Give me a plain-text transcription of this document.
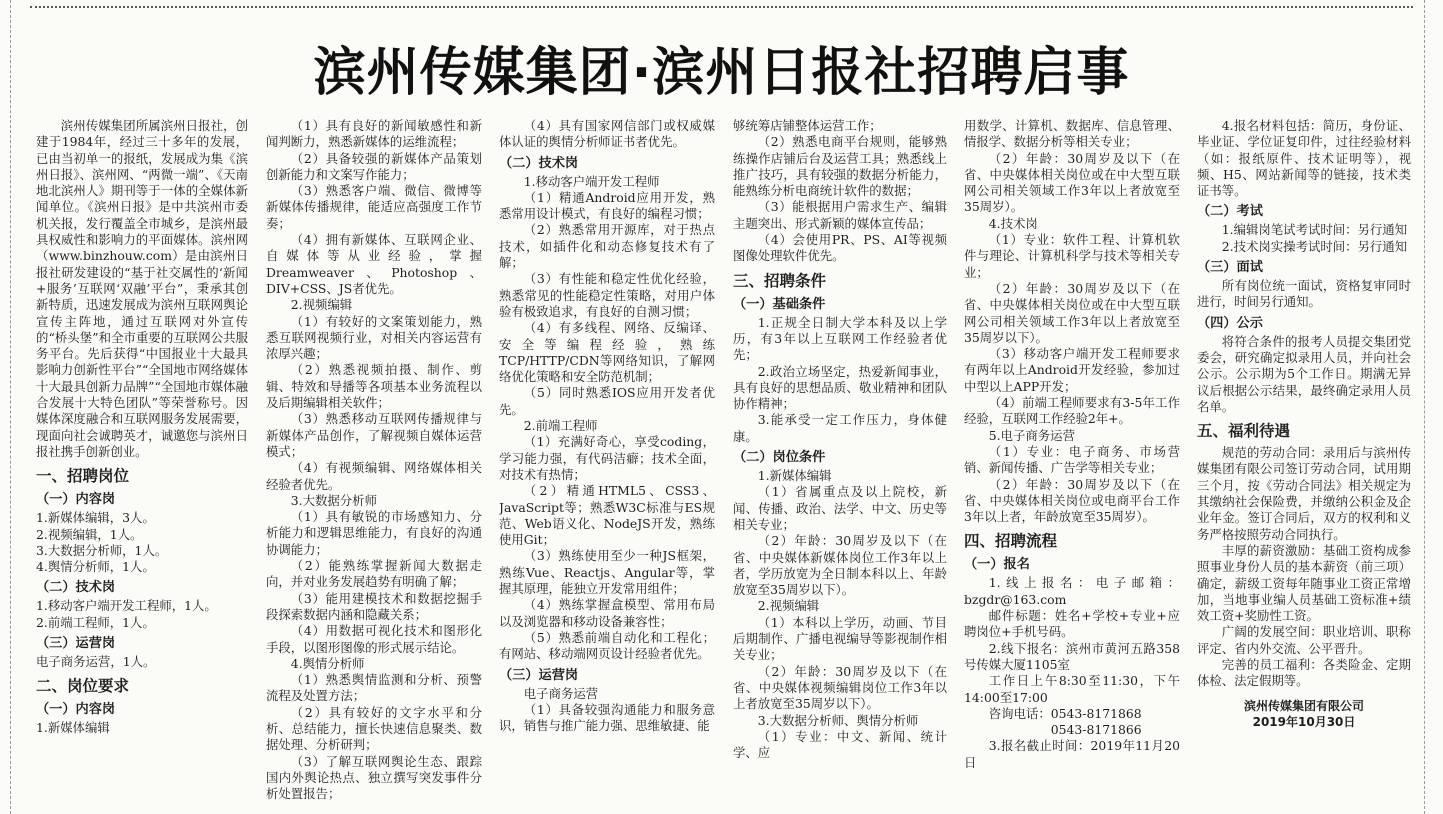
滨州传媒集团·滨州日报社招聘启事

滨州传媒集团所属滨州日报社，创建于1984年，经过三十多年的发展，已由当初单一的报纸，发展成为集《滨州日报》、滨州网、“两微一端”、《天南地北滨州人》期刊等于一体的全媒体新闻单位。《滨州日报》是中共滨州市委机关报，发行覆盖全市城乡，是滨州最具权威性和影响力的平面媒体。滨州网（www.binzhouw.com）是由滨州日报社研发建设的“基于社交属性的‘新闻+服务’互联网‘双融’平台”，秉承其创新特质，迅速发展成为滨州互联网舆论宣传主阵地，通过互联网对外宣传的“桥头堡”和全市重要的互联网公共服务平台。先后获得“中国报业十大最具影响力创新性平台”“全国地市网络媒体十大最具创新力品牌”“全国地市媒体融合发展十大特色团队”等荣誉称号。因媒体深度融合和互联网服务发展需要，现面向社会诚聘英才，诚邀您与滨州日报社携手创新创业。

一、招聘岗位
（一）内容岗

1.新媒体编辑，3人。

2.视频编辑，1人。

3.大数据分析师，1人。

4.舆情分析师，1人。

（二）技术岗

1.移动客户端开发工程师，1人。

2.前端工程师，1人。

（三）运营岗

电子商务运营，1人。

二、岗位要求
（一）内容岗

1.新媒体编辑

（1）具有良好的新闻敏感性和新闻判断力，熟悉新媒体的运维流程；

（2）具备较强的新媒体产品策划创新能力和文案写作能力；

（3）熟悉客户端、微信、微博等新媒体传播规律，能适应高强度工作节奏；

（4）拥有新媒体、互联网企业、自媒体等从业经验，掌握Dreamweaver、Photoshop、DIV+CSS、JS者优先。

2.视频编辑

（1）有较好的文案策划能力，熟悉互联网视频行业，对相关内容运营有浓厚兴趣；

（2）熟悉视频拍摄、制作、剪辑、特效和导播等各项基本业务流程以及后期编辑相关软件；

（3）熟悉移动互联网传播规律与新媒体产品创作，了解视频自媒体运营模式；

（4）有视频编辑、网络媒体相关经验者优先。

3.大数据分析师

（1）具有敏锐的市场感知力、分析能力和逻辑思维能力，有良好的沟通协调能力；

（2）能熟练掌握新闻大数据走向，并对业务发展趋势有明确了解；

（3）能用建模技术和数据挖掘手段探索数据内涵和隐藏关系；

（4）用数据可视化技术和图形化手段，以图形图像的形式展示结论。

4.舆情分析师

（1）熟悉舆情监测和分析、预警流程及处置方法；

（2）具有较好的文字水平和分析、总结能力，擅长快速信息聚类、数据处理、分析研判；

（3）了解互联网舆论生态、跟踪国内外舆论热点、独立撰写突发事件分析处置报告；

（4）具有国家网信部门或权威媒体认证的舆情分析师证书者优先。

（二）技术岗

1.移动客户端开发工程师

（1）精通Android应用开发，熟悉常用设计模式，有良好的编程习惯；

（2）熟悉常用开源库，对于热点技术，如插件化和动态修复技术有了解；

（3）有性能和稳定性优化经验，熟悉常见的性能稳定性策略，对用户体验有极致追求，有良好的自测习惯；

（4）有多线程、网络、反编译、安全等编程经验，熟练TCP/HTTP/CDN等网络知识，了解网络优化策略和安全防范机制；

（5）同时熟悉IOS应用开发者优先。

2.前端工程师

（1）充满好奇心，享受coding，学习能力强，有代码洁癖；技术全面，对技术有热情；

（2）精通HTML5、CSS3、JavaScript等；熟悉W3C标准与ES规范、Web语义化、NodeJS开发，熟练使用Git；

（3）熟练使用至少一种JS框架，熟练Vue、Reactjs、Angular等，掌握其原理，能独立开发常用组件；

（4）熟练掌握盒模型、常用布局以及浏览器和移动设备兼容性；

（5）熟悉前端自动化和工程化；有网站、移动端网页设计经验者优先。

（三）运营岗

电子商务运营

（1）具备较强沟通能力和服务意识，销售与推广能力强、思维敏捷、能

够统筹店铺整体运营工作；

（2）熟悉电商平台规则，能够熟练操作店铺后台及运营工具；熟悉线上推广技巧，具有较强的数据分析能力，能熟练分析电商统计软件的数据；

（3）能根据用户需求生产、编辑主题突出、形式新颖的媒体宣传品；

（4）会使用PR、PS、AI等视频图像处理软件优先。

三、招聘条件
（一）基础条件

1.正规全日制大学本科及以上学历，有3年以上互联网工作经验者优先；

2.政治立场坚定，热爱新闻事业，具有良好的思想品质、敬业精神和团队协作精神；

3.能承受一定工作压力，身体健康。

（二）岗位条件

1.新媒体编辑

（1）省属重点及以上院校，新闻、传播、政治、法学、中文、历史等相关专业；

（2）年龄：30周岁及以下（在省、中央媒体新媒体岗位工作3年以上者，学历放宽为全日制本科以上、年龄放宽至35周岁以下）。

2.视频编辑

（1）本科以上学历，动画、节目后期制作、广播电视编导等影视制作相关专业；

（2）年龄：30周岁及以下（在省、中央媒体视频编辑岗位工作3年以上者放宽至35周岁以下）。

3.大数据分析师、舆情分析师

（1）专业：中文、新闻、统计学、应

用数学、计算机、数据库、信息管理、情报学、数据分析等相关专业；

（2）年龄：30周岁及以下（在省、中央媒体相关岗位或在中大型互联网公司相关领域工作3年以上者放宽至35周岁）。

4.技术岗

（1）专业：软件工程、计算机软件与理论、计算机科学与技术等相关专业；

（2）年龄：30周岁及以下（在省、中央媒体相关岗位或在中大型互联网公司相关领域工作3年以上者放宽至35周岁以下）。

（3）移动客户端开发工程师要求有两年以上Android开发经验，参加过中型以上APP开发；

（4）前端工程师要求有3-5年工作经验，互联网工作经验2年+。

5.电子商务运营

（1）专业：电子商务、市场营销、新闻传播、广告学等相关专业；

（2）年龄：30周岁及以下（在省、中央媒体相关岗位或电商平台工作3年以上者，年龄放宽至35周岁）。

四、招聘流程
（一）报名

1.线上报名：电子邮箱：bzgdr@163.com

邮件标题：姓名+学校+专业+应聘岗位+手机号码。

2.线下报名：滨州市黄河五路358号传媒大厦1105室

工作日上午8:30至11:30，下午14:00至17:00

咨询电话：0543-8171868

　　　　　0543-8171866

3.报名截止时间：2019年11月20日

4.报名材料包括：简历，身份证、毕业证、学位证复印件，过往经验材料（如：报纸原件、技术证明等），视频、H5、网站新闻等的链接，技术类证书等。

（二）考试

1.编辑岗笔试考试时间：另行通知

2.技术岗实操考试时间：另行通知

（三）面试

所有岗位统一面试，资格复审同时进行，时间另行通知。

（四）公示

将符合条件的报考人员提交集团党委会，研究确定拟录用人员，并向社会公示。公示期为5个工作日。期满无异议后根据公示结果，最终确定录用人员名单。

五、福利待遇

规范的劳动合同：录用后与滨州传媒集团有限公司签订劳动合同，试用期三个月，按《劳动合同法》相关规定为其缴纳社会保险费，并缴纳公积金及企业年金。签订合同后，双方的权利和义务严格按照劳动合同执行。

丰厚的薪资激励：基础工资构成参照事业身份人员的基本薪资（前三项）确定，薪级工资每年随事业工资正常增加，当地事业编人员基础工资标准+绩效工资+奖励性工资。

广阔的发展空间：职业培训、职称评定、省内外交流、公平晋升。

完善的员工福利：各类险金、定期体检、法定假期等。

滨州传媒集团有限公司
2019年10月30日
